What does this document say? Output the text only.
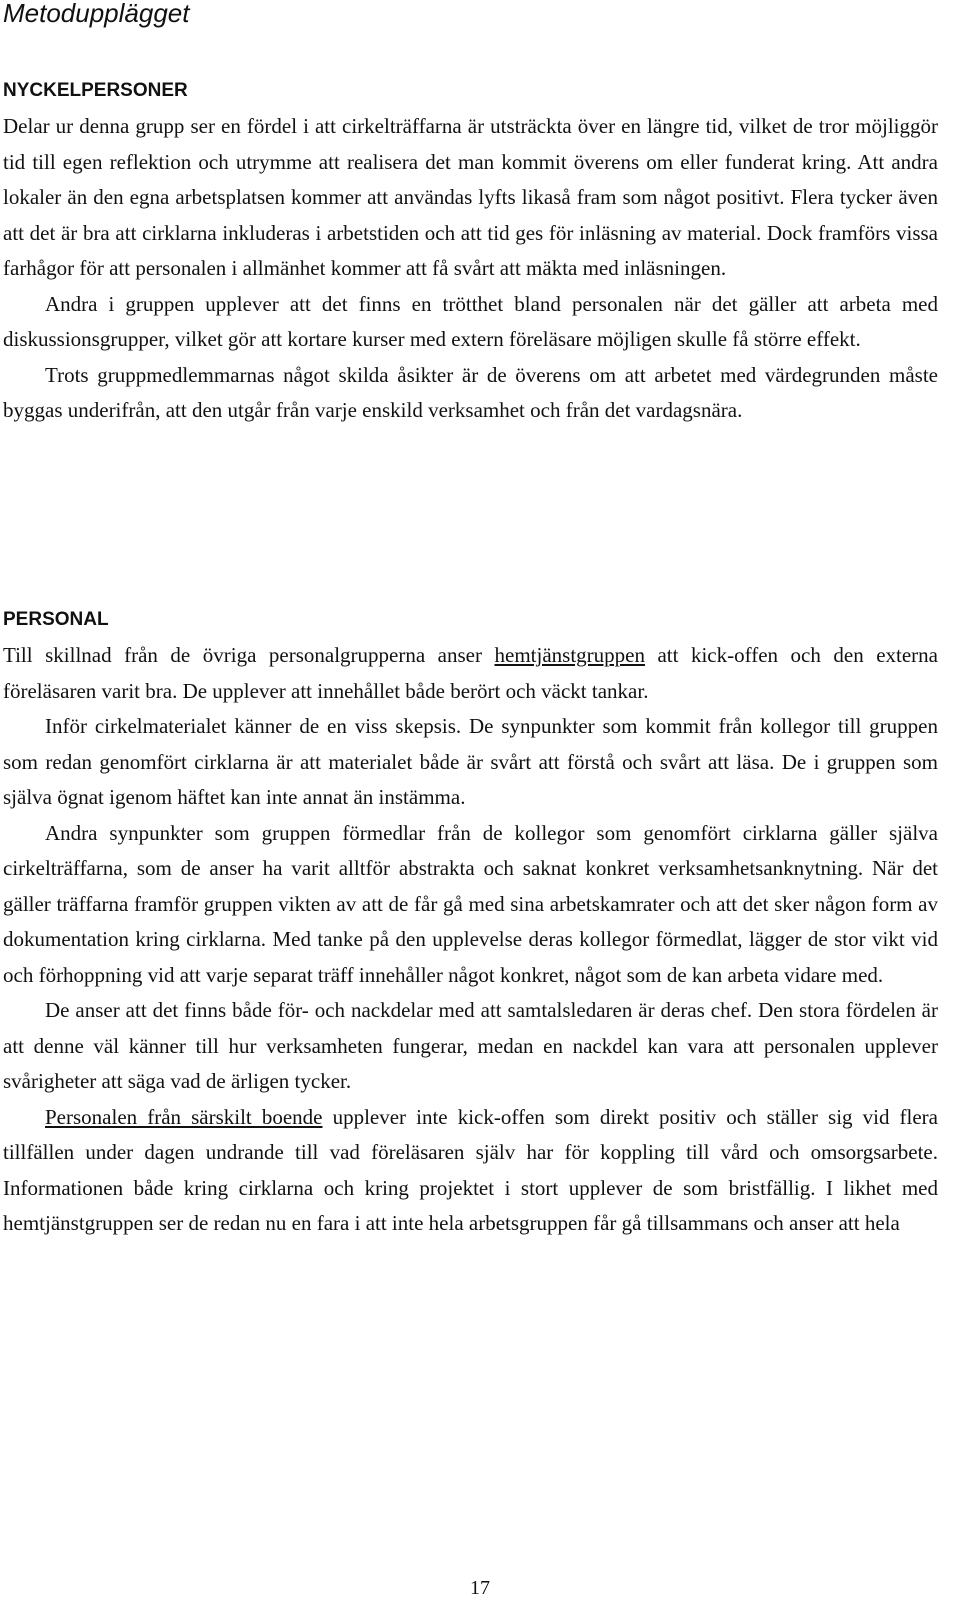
Metodupplägget
NYCKELPERSONER

Delar ur denna grupp ser en fördel i att cirkelträffarna är utsträckta över en längre tid, vilket de tror möjliggör tid till egen reflektion och utrymme att realisera det man kommit överens om eller funderat kring. Att andra lokaler än den egna arbetsplatsen kommer att användas lyfts likaså fram som något positivt. Flera tycker även att det är bra att cirklarna inkluderas i arbetstiden och att tid ges för inläsning av material. Dock framförs vissa farhågor för att personalen i allmänhet kommer att få svårt att mäkta med inläsningen.

Andra i gruppen upplever att det finns en trötthet bland personalen när det gäller att arbeta med diskussionsgrupper, vilket gör att kortare kurser med extern föreläsare möjligen skulle få större effekt.

Trots gruppmedlemmarnas något skilda åsikter är de överens om att arbetet med värdegrunden måste byggas underifrån, att den utgår från varje enskild verksamhet och från det vardagsnära.

PERSONAL

Till skillnad från de övriga personalgrupperna anser hemtjänstgruppen att kick-offen och den externa föreläsaren varit bra. De upplever att innehållet både berört och väckt tankar.

Inför cirkelmaterialet känner de en viss skepsis. De synpunkter som kommit från kollegor till gruppen som redan genomfört cirklarna är att materialet både är svårt att förstå och svårt att läsa. De i gruppen som själva ögnat igenom häftet kan inte annat än instämma.

Andra synpunkter som gruppen förmedlar från de kollegor som genomfört cirklarna gäller själva cirkelträffarna, som de anser ha varit alltför abstrakta och saknat konkret verksamhetsanknytning. När det gäller träffarna framför gruppen vikten av att de får gå med sina arbetskamrater och att det sker någon form av dokumentation kring cirklarna. Med tanke på den upplevelse deras kollegor förmedlat, lägger de stor vikt vid och förhoppning vid att varje separat träff innehåller något konkret, något som de kan arbeta vidare med.

De anser att det finns både för- och nackdelar med att samtalsledaren är deras chef. Den stora fördelen är att denne väl känner till hur verksamheten fungerar, medan en nackdel kan vara att personalen upplever svårigheter att säga vad de ärligen tycker.

Personalen från särskilt boende upplever inte kick-offen som direkt positiv och ställer sig vid flera tillfällen under dagen undrande till vad föreläsaren själv har för koppling till vård och omsorgsarbete. Informationen både kring cirklarna och kring projektet i stort upplever de som bristfällig. I likhet med hemtjänstgruppen ser de redan nu en fara i att inte hela arbetsgruppen får gå tillsammans och anser att hela

17
